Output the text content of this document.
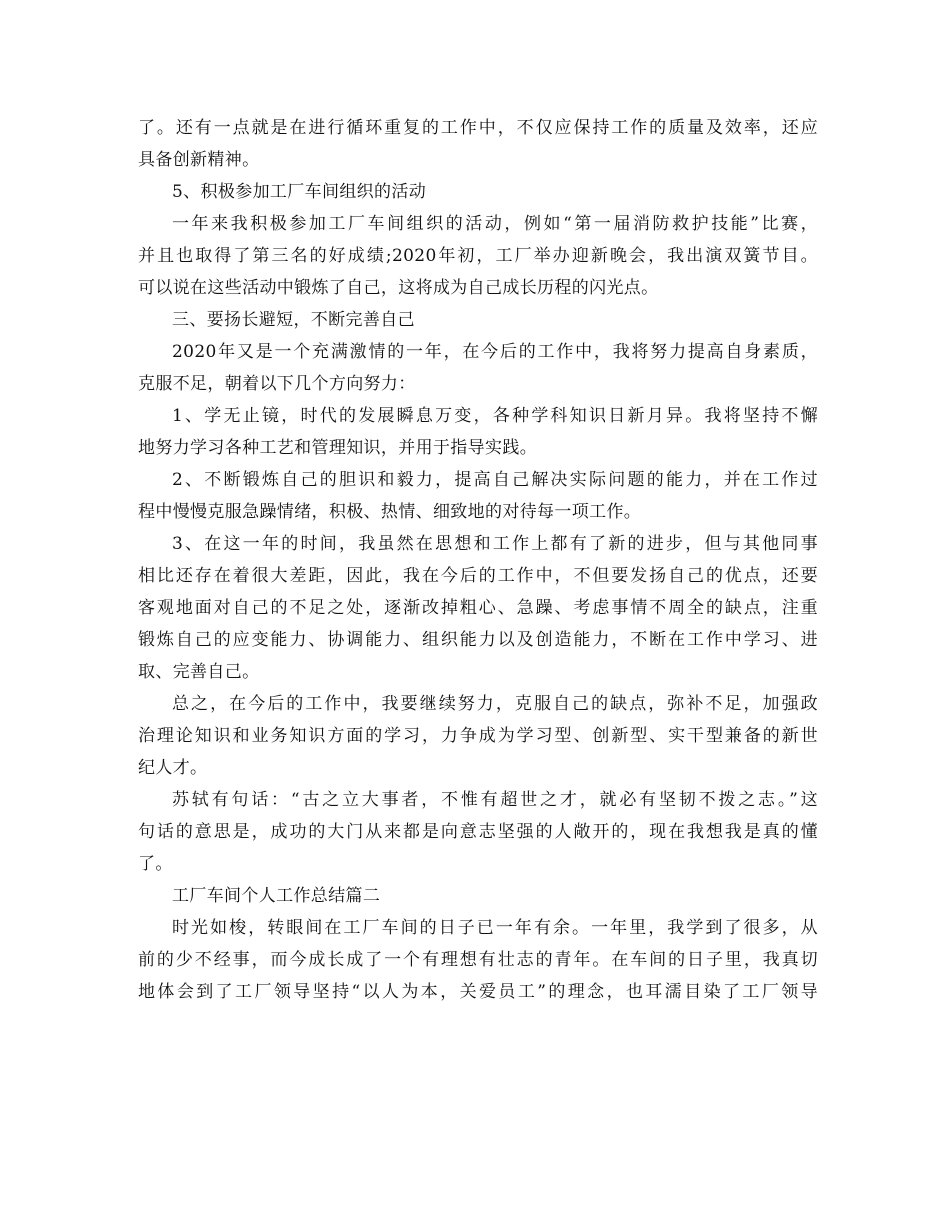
了。还有一点就是在进行循环重复的工作中，不仅应保持工作的质量及效率，还应
具备创新精神。
5、积极参加工厂车间组织的活动
一年来我积极参加工厂车间组织的活动，例如“第一届消防救护技能”比赛，
并且也取得了第三名的好成绩;2020年初，工厂举办迎新晚会，我出演双簧节目。
可以说在这些活动中锻炼了自己，这将成为自己成长历程的闪光点。
三、要扬长避短，不断完善自己
2020年又是一个充满激情的一年，在今后的工作中，我将努力提高自身素质，
克服不足，朝着以下几个方向努力：
1、学无止镜，时代的发展瞬息万变，各种学科知识日新月异。我将坚持不懈
地努力学习各种工艺和管理知识，并用于指导实践。
2、不断锻炼自己的胆识和毅力，提高自己解决实际问题的能力，并在工作过
程中慢慢克服急躁情绪，积极、热情、细致地的对待每一项工作。
3、在这一年的时间，我虽然在思想和工作上都有了新的进步，但与其他同事
相比还存在着很大差距，因此，我在今后的工作中，不但要发扬自己的优点，还要
客观地面对自己的不足之处，逐渐改掉粗心、急躁、考虑事情不周全的缺点，注重
锻炼自己的应变能力、协调能力、组织能力以及创造能力，不断在工作中学习、进
取、完善自己。
总之，在今后的工作中，我要继续努力，克服自己的缺点，弥补不足，加强政
治理论知识和业务知识方面的学习，力争成为学习型、创新型、实干型兼备的新世
纪人才。
苏轼有句话：“古之立大事者，不惟有超世之才，就必有坚韧不拨之志。”这
句话的意思是，成功的大门从来都是向意志坚强的人敞开的，现在我想我是真的懂
了。
工厂车间个人工作总结篇二
时光如梭，转眼间在工厂车间的日子已一年有余。一年里，我学到了很多，从
前的少不经事，而今成长成了一个有理想有壮志的青年。在车间的日子里，我真切
地体会到了工厂领导坚持“以人为本，关爱员工”的理念，也耳濡目染了工厂领导
